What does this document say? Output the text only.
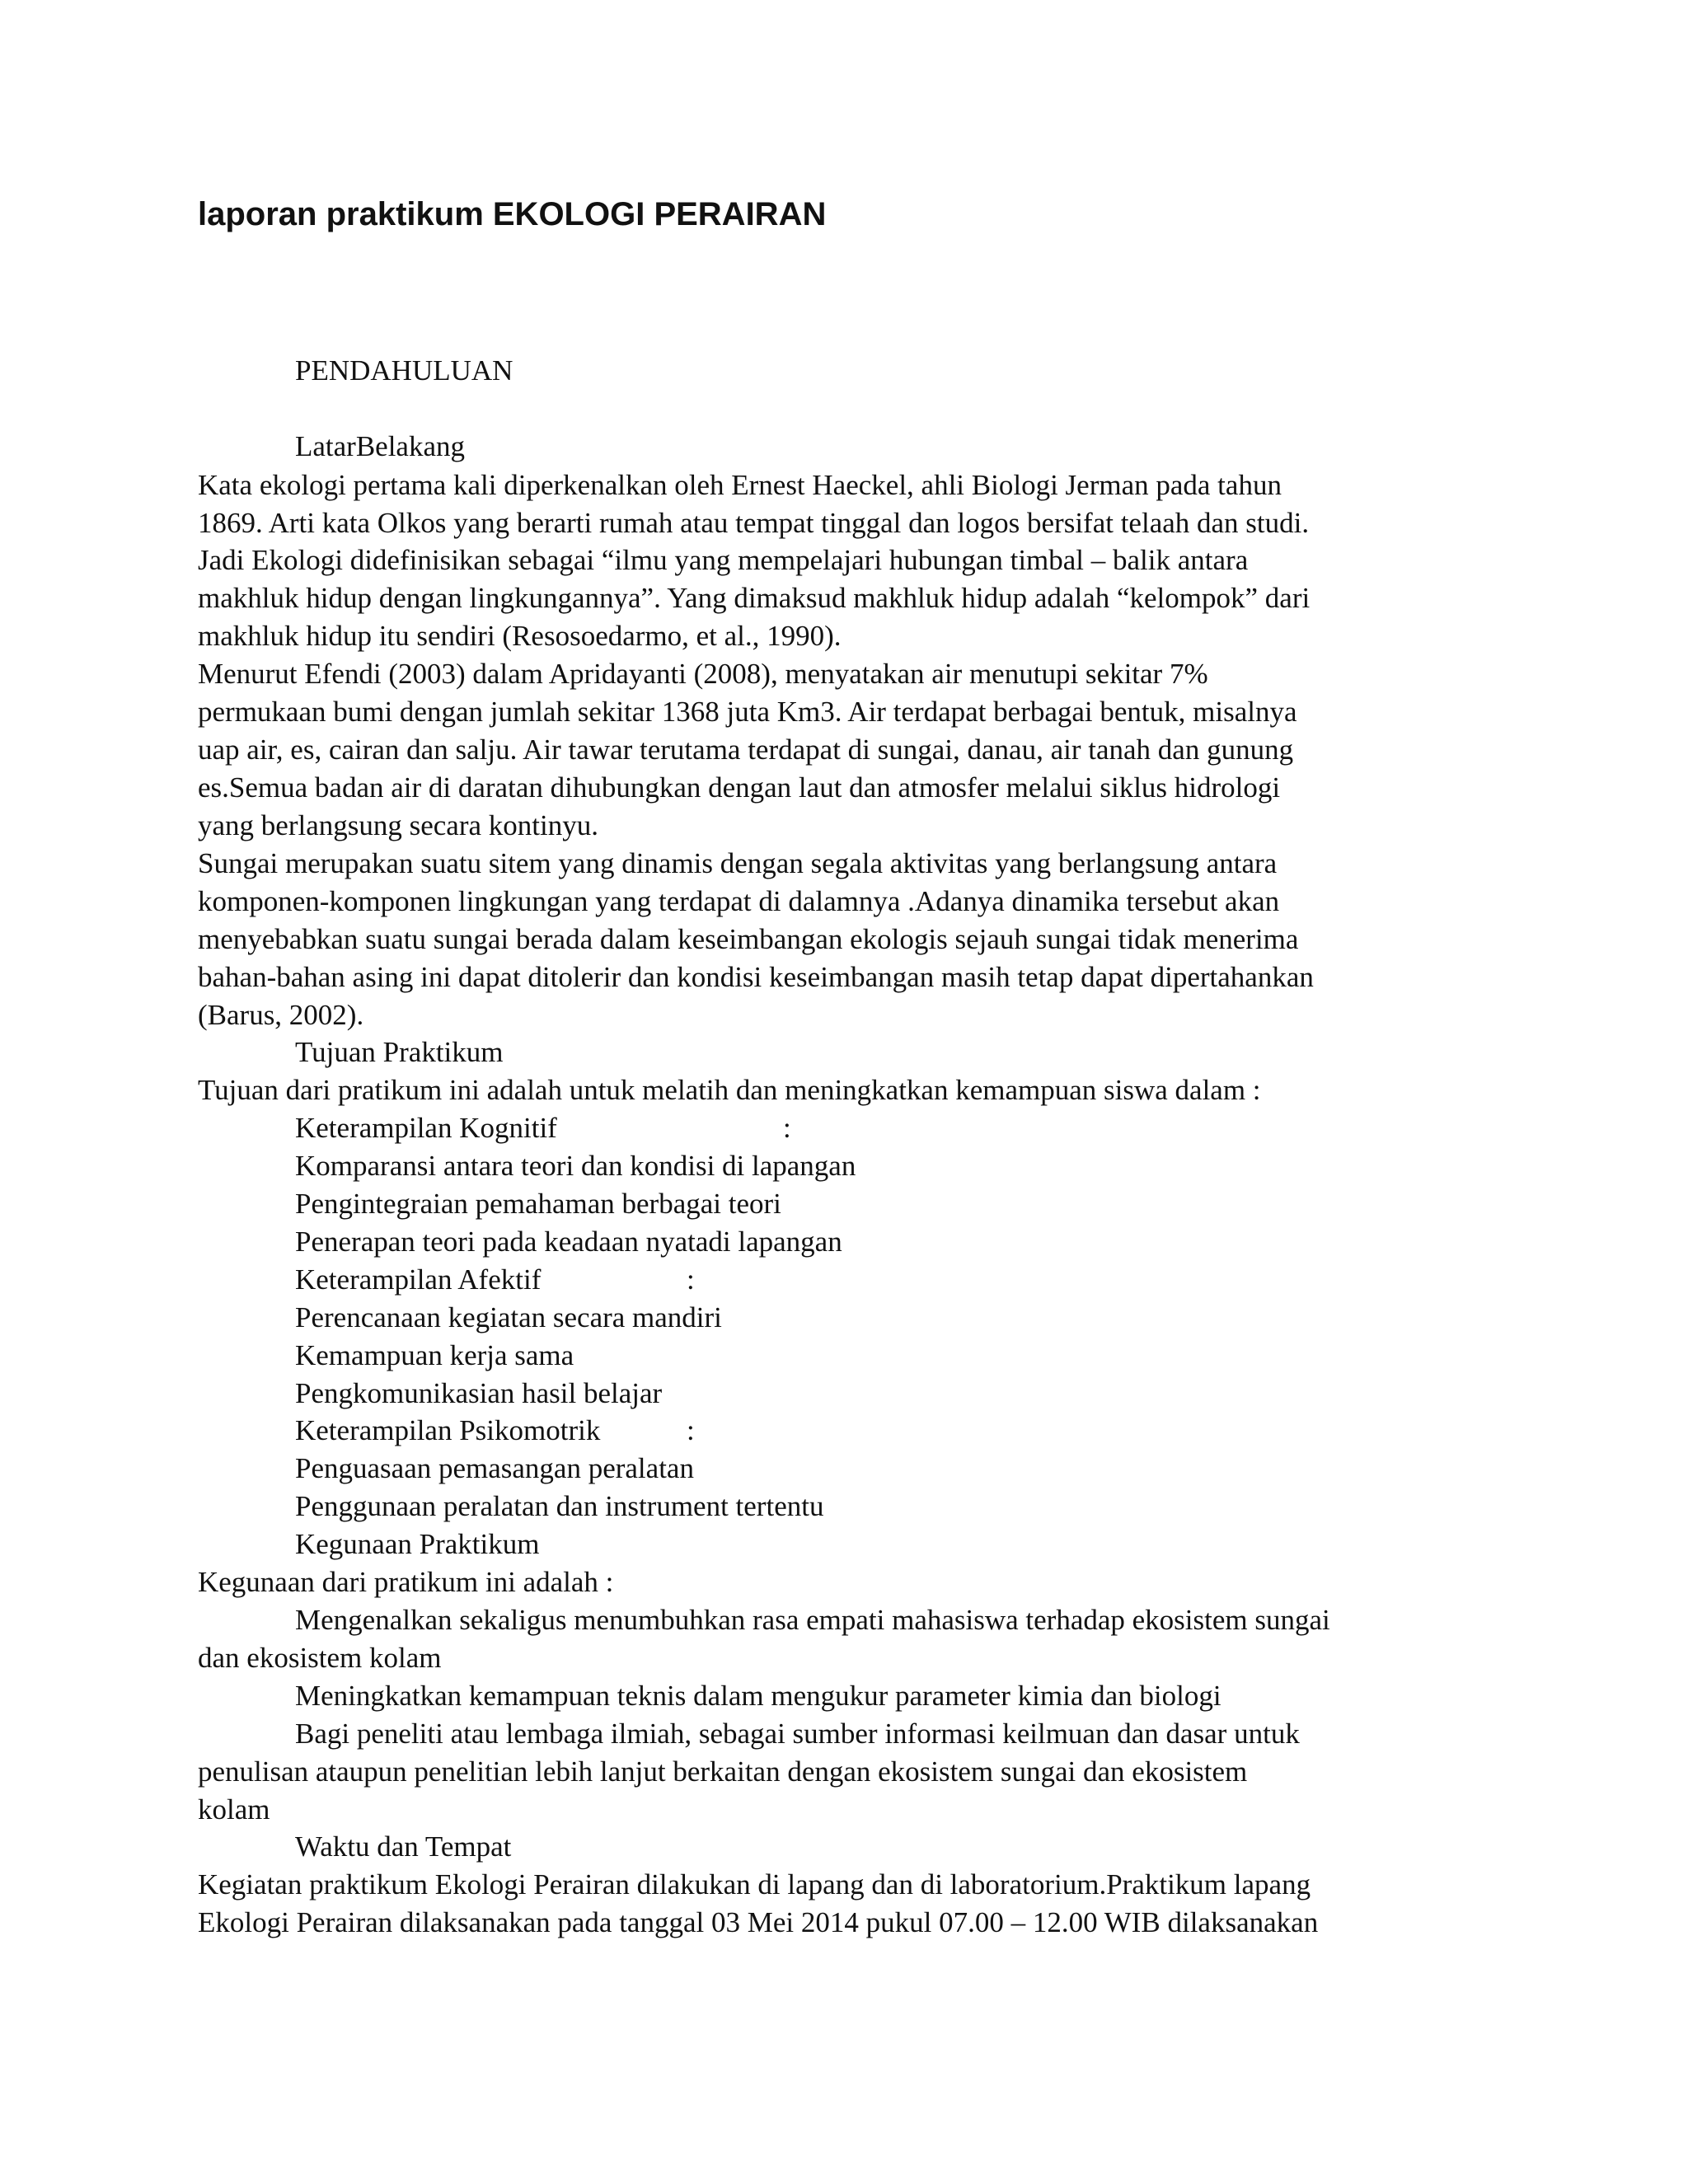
laporan praktikum EKOLOGI PERAIRAN
PENDAHULUAN
LatarBelakang
Kata ekologi pertama kali diperkenalkan oleh Ernest Haeckel, ahli Biologi Jerman pada tahun
1869. Arti kata Olkos yang berarti rumah atau tempat tinggal dan logos bersifat telaah dan studi.
Jadi Ekologi didefinisikan sebagai “ilmu yang mempelajari hubungan timbal – balik antara
makhluk hidup dengan lingkungannya”. Yang dimaksud makhluk hidup adalah “kelompok” dari
makhluk hidup itu sendiri (Resosoedarmo, et al., 1990).
Menurut Efendi (2003) dalam Apridayanti (2008), menyatakan air menutupi sekitar 7%
permukaan bumi dengan jumlah sekitar 1368 juta Km3. Air terdapat berbagai bentuk, misalnya
uap air, es, cairan dan salju. Air tawar terutama terdapat di sungai, danau, air tanah dan gunung
es.Semua badan air di daratan dihubungkan dengan laut dan atmosfer melalui siklus hidrologi
yang berlangsung secara kontinyu.
Sungai merupakan suatu sitem yang dinamis dengan segala aktivitas yang berlangsung antara
komponen-komponen lingkungan yang terdapat di dalamnya .Adanya dinamika tersebut akan
menyebabkan suatu sungai berada dalam keseimbangan ekologis sejauh sungai tidak menerima
bahan-bahan asing ini dapat ditolerir dan kondisi keseimbangan masih tetap dapat dipertahankan
(Barus, 2002).
Tujuan Praktikum
Tujuan dari pratikum ini adalah untuk melatih dan meningkatkan kemampuan siswa dalam :
Keterampilan Kognitif	:
Komparansi antara teori dan kondisi di lapangan
Pengintegraian pemahaman berbagai teori
Penerapan teori pada keadaan nyatadi lapangan
Keterampilan Afektif	:
Perencanaan kegiatan secara mandiri
Kemampuan kerja sama
Pengkomunikasian hasil belajar
Keterampilan Psikomotrik	:
Penguasaan pemasangan peralatan
Penggunaan peralatan dan instrument tertentu
Kegunaan Praktikum
Kegunaan dari pratikum ini adalah :
Mengenalkan sekaligus menumbuhkan rasa empati mahasiswa terhadap ekosistem sungai
dan ekosistem kolam
Meningkatkan kemampuan teknis dalam mengukur parameter kimia dan biologi
Bagi peneliti atau lembaga ilmiah, sebagai sumber informasi keilmuan dan dasar untuk
penulisan ataupun penelitian lebih lanjut berkaitan dengan ekosistem sungai dan ekosistem
kolam
Waktu dan Tempat
Kegiatan praktikum Ekologi Perairan dilakukan di lapang dan di laboratorium.Praktikum lapang
Ekologi Perairan dilaksanakan pada tanggal 03 Mei 2014 pukul 07.00 – 12.00 WIB dilaksanakan
